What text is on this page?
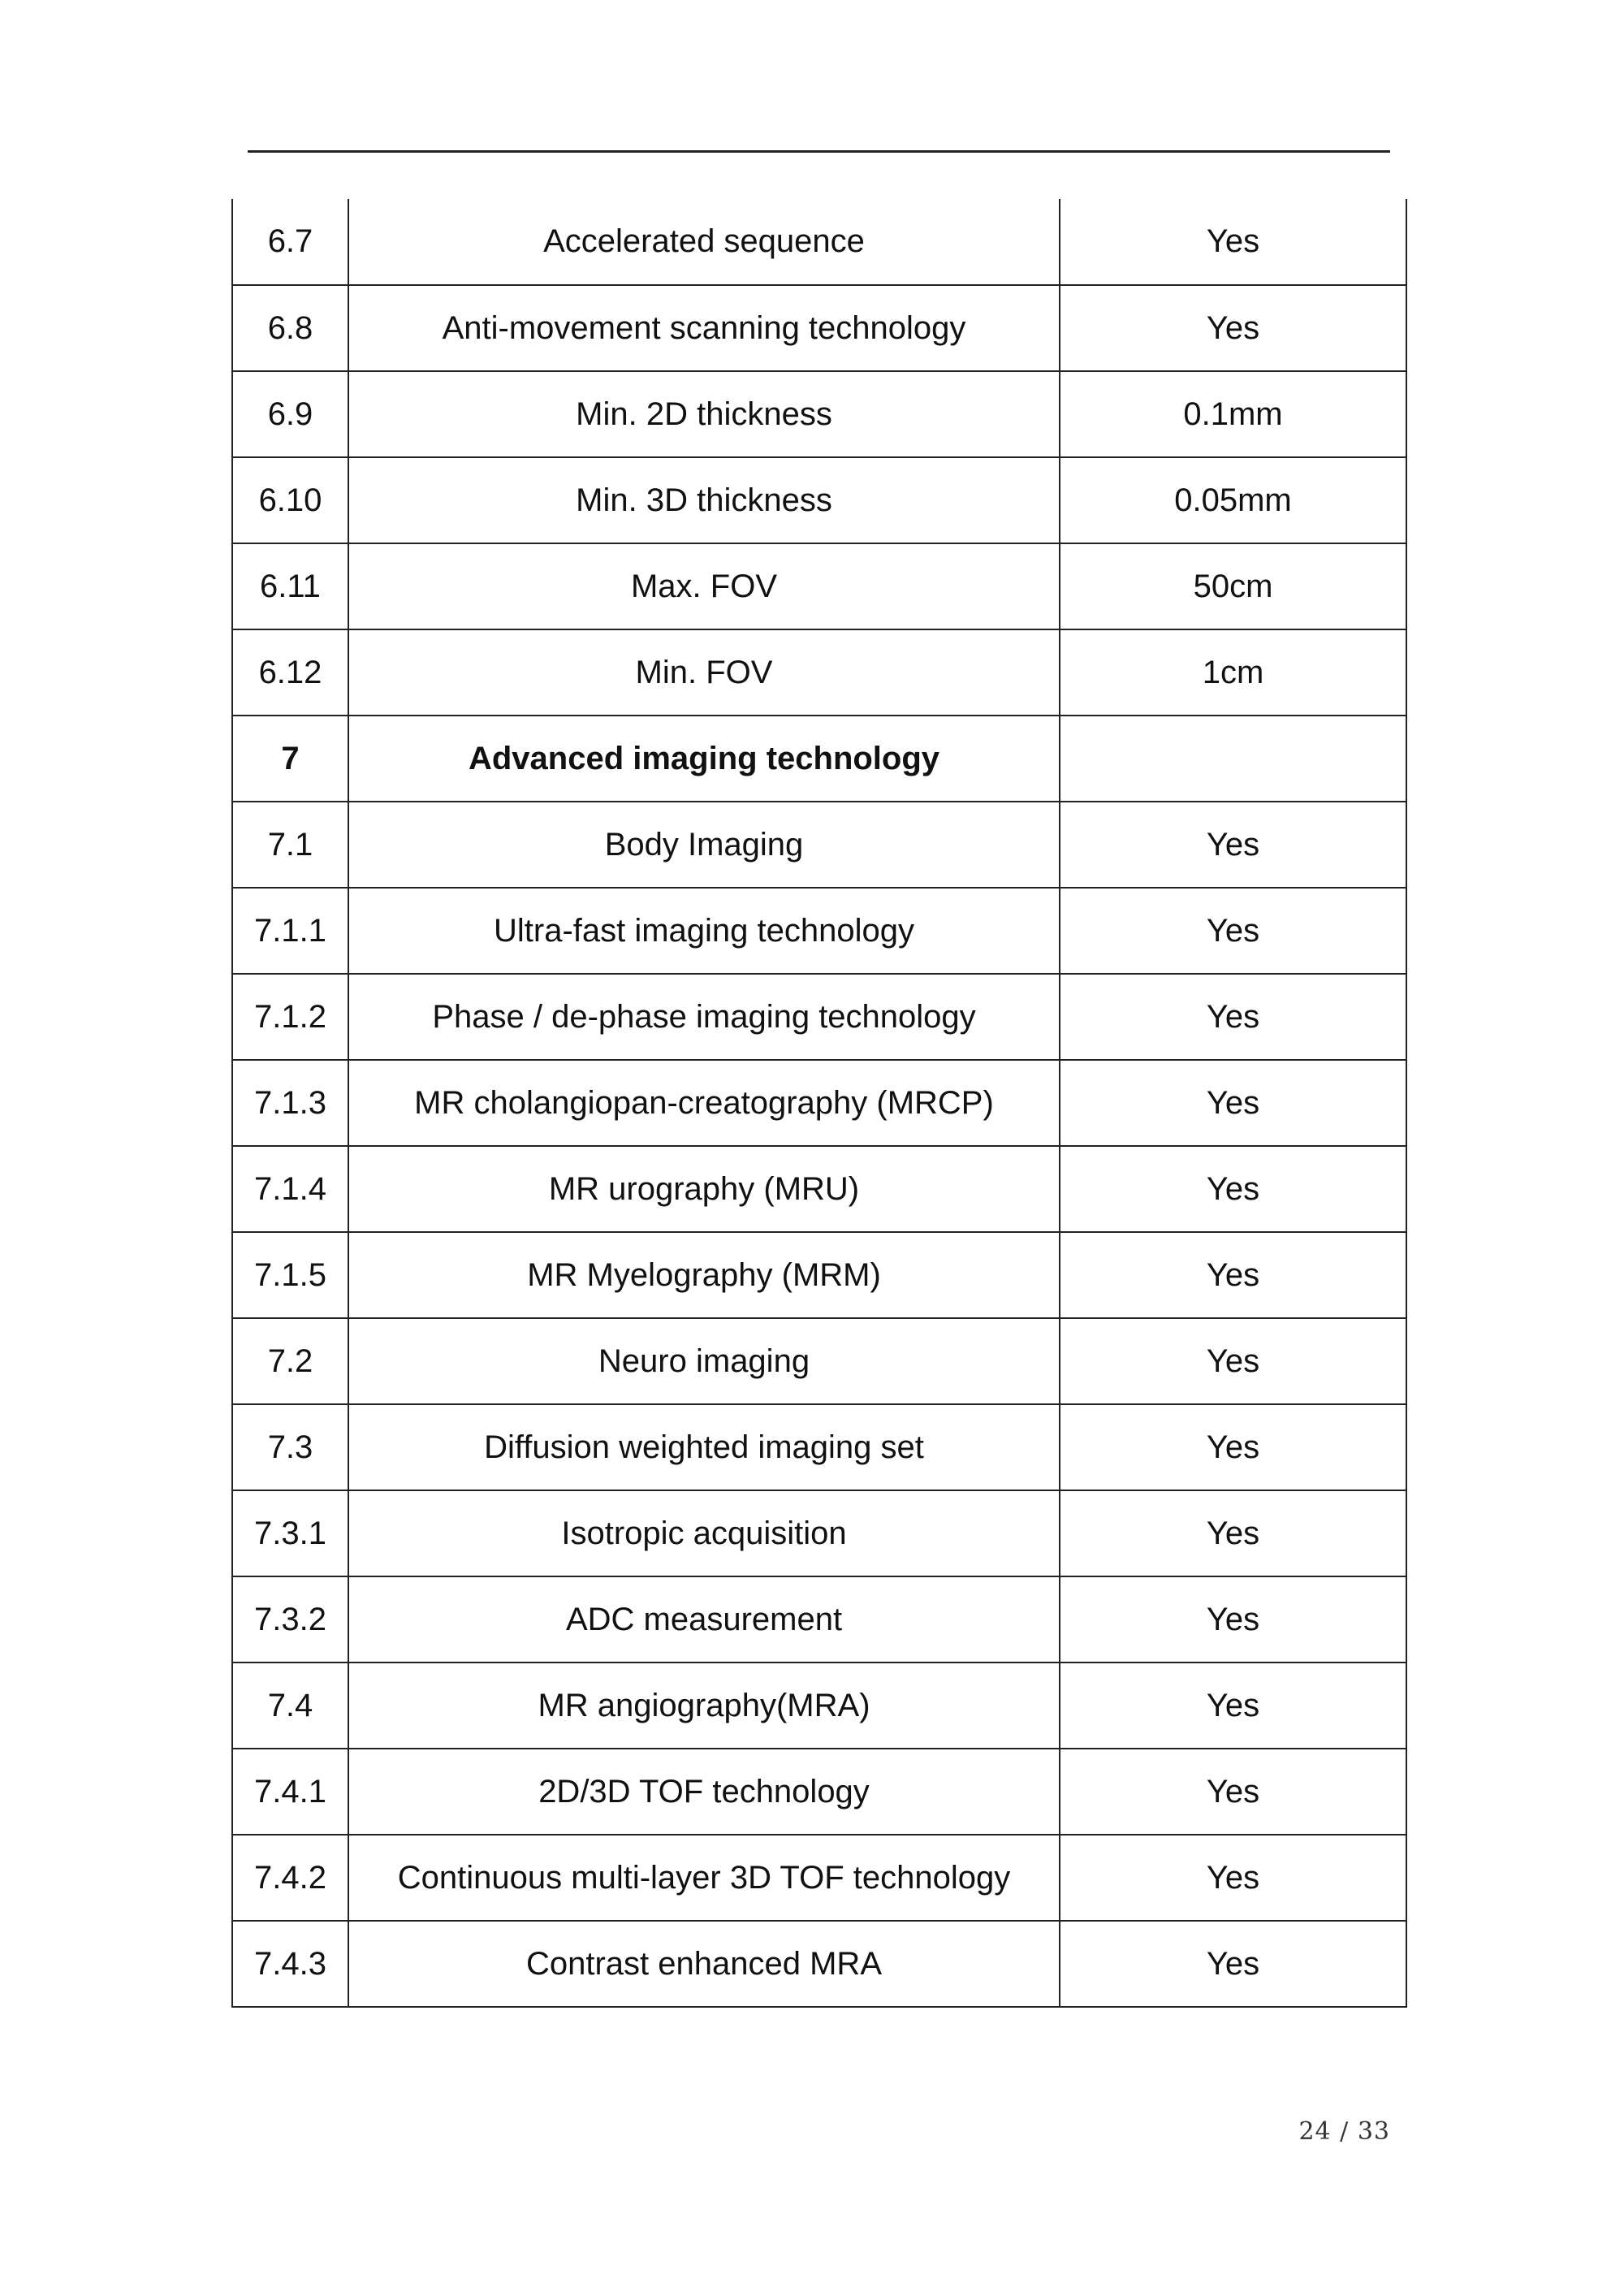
6.7	Accelerated sequence	Yes
6.8	Anti-movement scanning technology	Yes
6.9	Min. 2D thickness	0.1mm
6.10	Min. 3D thickness	0.05mm
6.11	Max. FOV	50cm
6.12	Min. FOV	1cm
7	Advanced imaging technology	
7.1	Body Imaging	Yes
7.1.1	Ultra-fast imaging technology	Yes
7.1.2	Phase / de-phase imaging technology	Yes
7.1.3	MR cholangiopan-creatography (MRCP)	Yes
7.1.4	MR urography (MRU)	Yes
7.1.5	MR Myelography (MRM)	Yes
7.2	Neuro imaging	Yes
7.3	Diffusion weighted imaging set	Yes
7.3.1	Isotropic acquisition	Yes
7.3.2	ADC measurement	Yes
7.4	MR angiography(MRA)	Yes
7.4.1	2D/3D TOF technology	Yes
7.4.2	Continuous multi-layer 3D TOF technology	Yes
7.4.3	Contrast enhanced MRA	Yes
24 / 33
